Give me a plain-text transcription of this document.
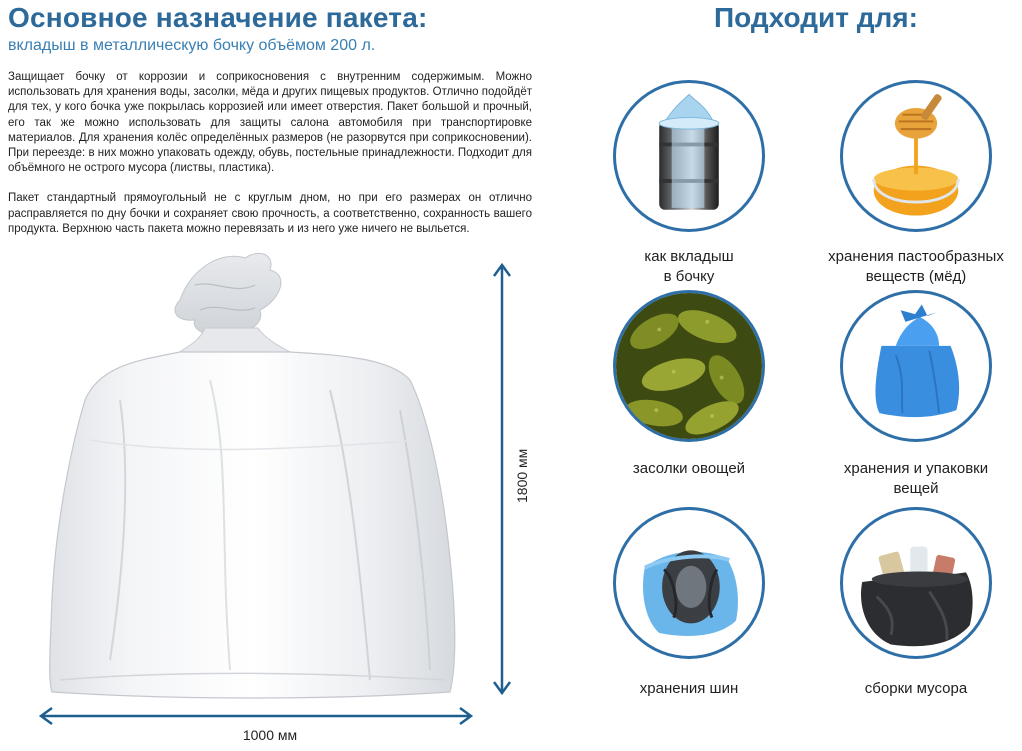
Основное назначение пакета:
вкладыш в металлическую бочку объёмом 200 л.

Защищает бочку от коррозии и соприкосновения с внутренним содержимым. Можно использовать для хранения воды, засолки, мёда и других пищевых продуктов. Отлично подойдёт для тех, у кого бочка уже покрылась коррозией или имеет отверстия. Пакет большой и прочный, его так же можно использовать для защиты салона автомобиля при транспортировке материалов. Для хранения колёс определённых размеров (не разорвутся при соприкосновении). При переезде: в них можно упаковать одежду, обувь, постельные принадлежности. Подходит для объёмного не острого мусора (листвы, пластика).

Пакет стандартный прямоугольный не с круглым дном, но при его размерах он отлично расправляется по дну бочки и сохраняет свою прочность, а соответственно, сохранность вашего продукта. Верхнюю часть пакета можно перевязать и из него уже ничего не выльется.

1800 мм
1000 мм
Подходит для:
как вкладыш
в бочку
хранения пастообразных
веществ (мёд)
засолки овощей	хранения и упаковки
вещей
хранения шин	сборки мусора
